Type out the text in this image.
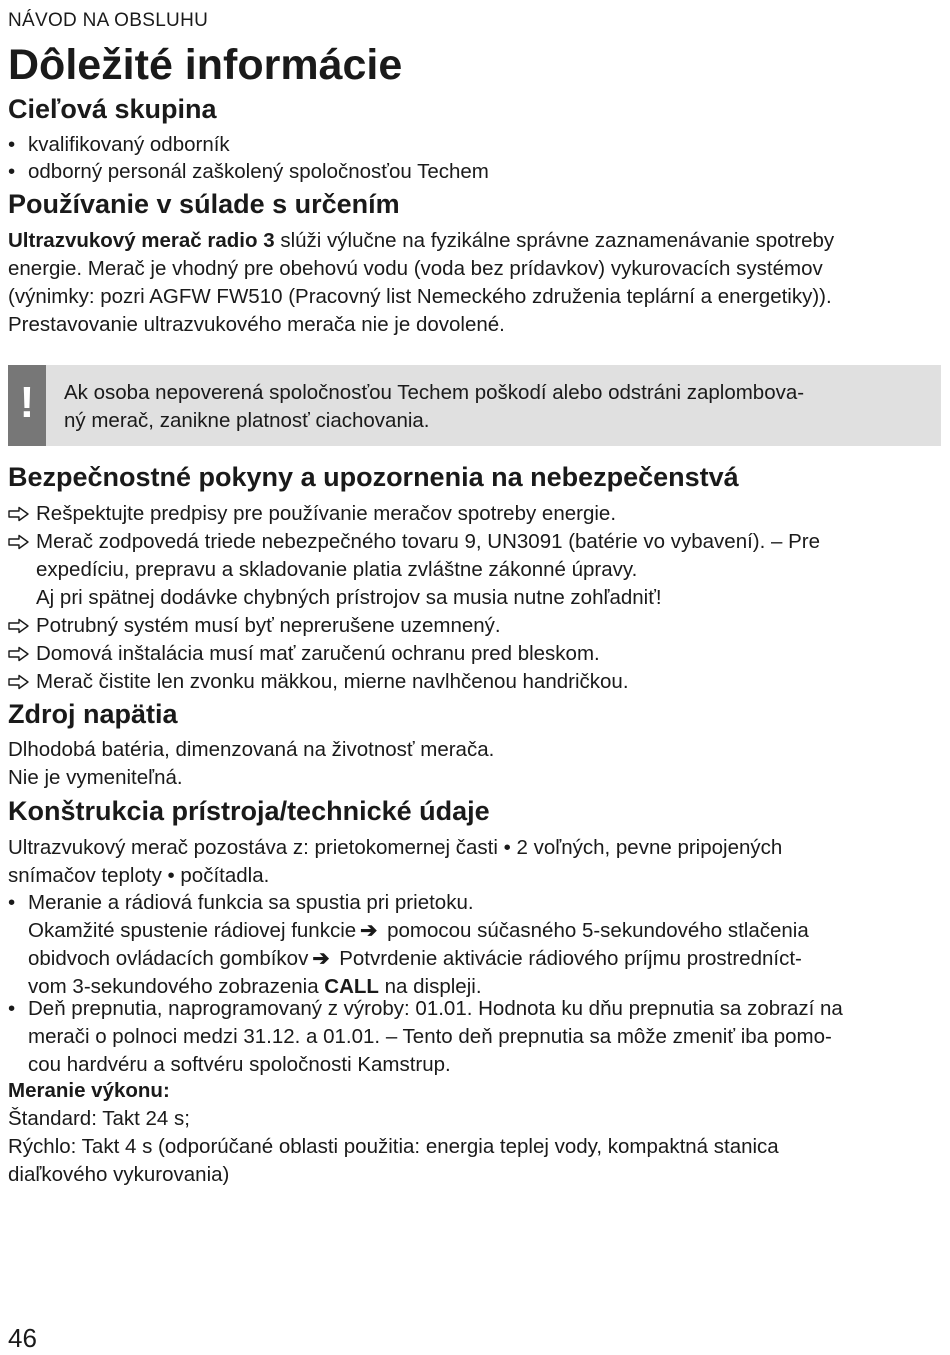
NÁVOD NA OBSLUHU
Dôležité informácie
Cieľová skupina
• kvalifikovaný odborník
• odborný personál zaškolený spoločnosťou Techem
Používanie v súlade s určením
Ultrazvukový merač radio 3 slúži výlučne na fyzikálne správne zaznamenávanie spotreby
energie. Merač je vhodný pre obehovú vodu (voda bez prídavkov) vykurovacích systémov
(výnimky: pozri AGFW FW510 (Pracovný list Nemeckého združenia teplární a energetiky)).
Prestavovanie ultrazvukového merača nie je dovolené.
!	Ak osoba nepoverená spoločnosťou Techem poškodí alebo odstráni zaplombova-
ný merač, zanikne platnosť ciachovania.
Bezpečnostné pokyny a upozornenia na nebezpečenstvá
Rešpektujte predpisy pre používanie meračov spotreby energie.
Merač zodpovedá triede nebezpečného tovaru 9, UN3091 (batérie vo vybavení). – Pre
expedíciu, prepravu a skladovanie platia zvláštne zákonné úpravy.
Aj pri spätnej dodávke chybných prístrojov sa musia nutne zohľadniť!
Potrubný systém musí byť neprerušene uzemnený.
Domová inštalácia musí mať zaručenú ochranu pred bleskom.
Merač čistite len zvonku mäkkou, mierne navlhčenou handričkou.
Zdroj napätia
Dlhodobá batéria, dimenzovaná na životnosť merača.
Nie je vymeniteľná.
Konštrukcia prístroja/technické údaje
Ultrazvukový merač pozostáva z: prietokomernej časti • 2 voľných, pevne pripojených
snímačov teploty • počítadla.
• Meranie a rádiová funkcia sa spustia pri prietoku.
Okamžité spustenie rádiovej funkcie ➔ pomocou súčasného 5-sekundového stlačenia
obidvoch ovládacích gombíkov ➔ Potvrdenie aktivácie rádiového príjmu prostredníct-
vom 3-sekundového zobrazenia CALL na displeji.
• Deň prepnutia, naprogramovaný z výroby: 01.01. Hodnota ku dňu prepnutia sa zobrazí na
merači o polnoci medzi 31.12. a 01.01. – Tento deň prepnutia sa môže zmeniť iba pomo-
cou hardvéru a softvéru spoločnosti Kamstrup.
Meranie výkonu:
Štandard: Takt 24 s;
Rýchlo: Takt 4 s (odporúčané oblasti použitia: energia teplej vody, kompaktná stanica
diaľkového vykurovania)
46
